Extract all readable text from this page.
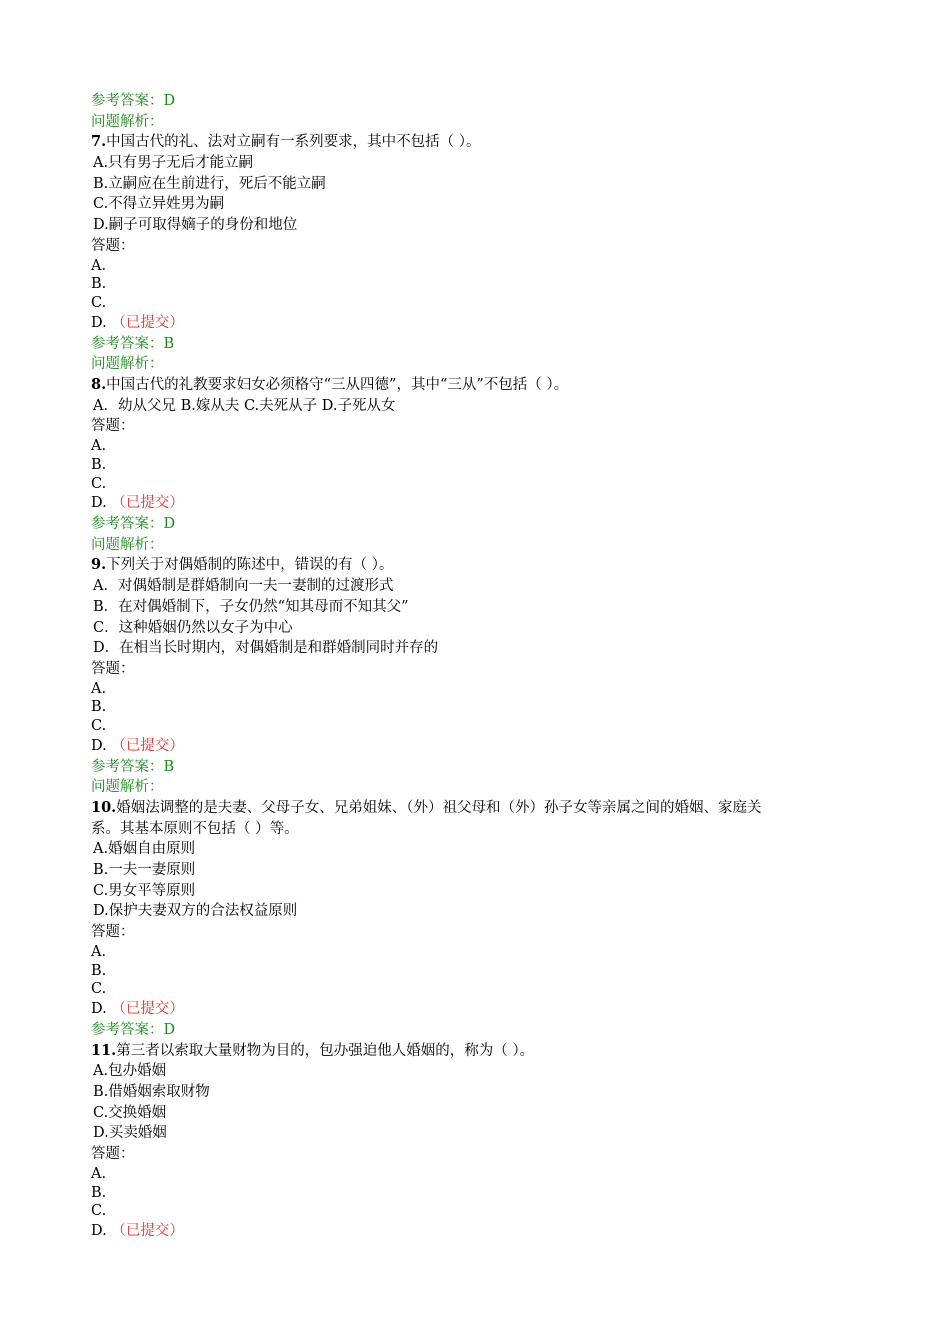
参考答案：D
问题解析：
7.中国古代的礼、法对立嗣有一系列要求，其中不包括（ ）。
A.只有男子无后才能立嗣
B.立嗣应在生前进行，死后不能立嗣
C.不得立异姓男为嗣
D.嗣子可取得嫡子的身份和地位
答题：
A.
B.
C.
D. （已提交）
参考答案：B
问题解析：
8.中国古代的礼教要求妇女必须格守“三从四德”，其中“三从”不包括（ ）。
A．幼从父兄 B.嫁从夫 C.夫死从子 D.子死从女
答题：
A.
B.
C.
D. （已提交）
参考答案：D
问题解析：
9.下列关于对偶婚制的陈述中，错误的有（ ）。
A．对偶婚制是群婚制向一夫一妻制的过渡形式
B．在对偶婚制下，子女仍然“知其母而不知其父”
C．这种婚姻仍然以女子为中心
D．在相当长时期内，对偶婚制是和群婚制同时并存的
答题：
A.
B.
C.
D. （已提交）
参考答案：B
问题解析：
10.婚姻法调整的是夫妻、父母子女、兄弟姐妹、（外）祖父母和（外）孙子女等亲属之间的婚姻、家庭关
系。其基本原则不包括（ ）等。
A.婚姻自由原则
B.一夫一妻原则
C.男女平等原则
D.保护夫妻双方的合法权益原则
答题：
A.
B.
C.
D. （已提交）
参考答案：D
11.第三者以索取大量财物为目的，包办强迫他人婚姻的，称为（ ）。
A.包办婚姻
B.借婚姻索取财物
C.交换婚姻
D.买卖婚姻
答题：
A.
B.
C.
D. （已提交）
